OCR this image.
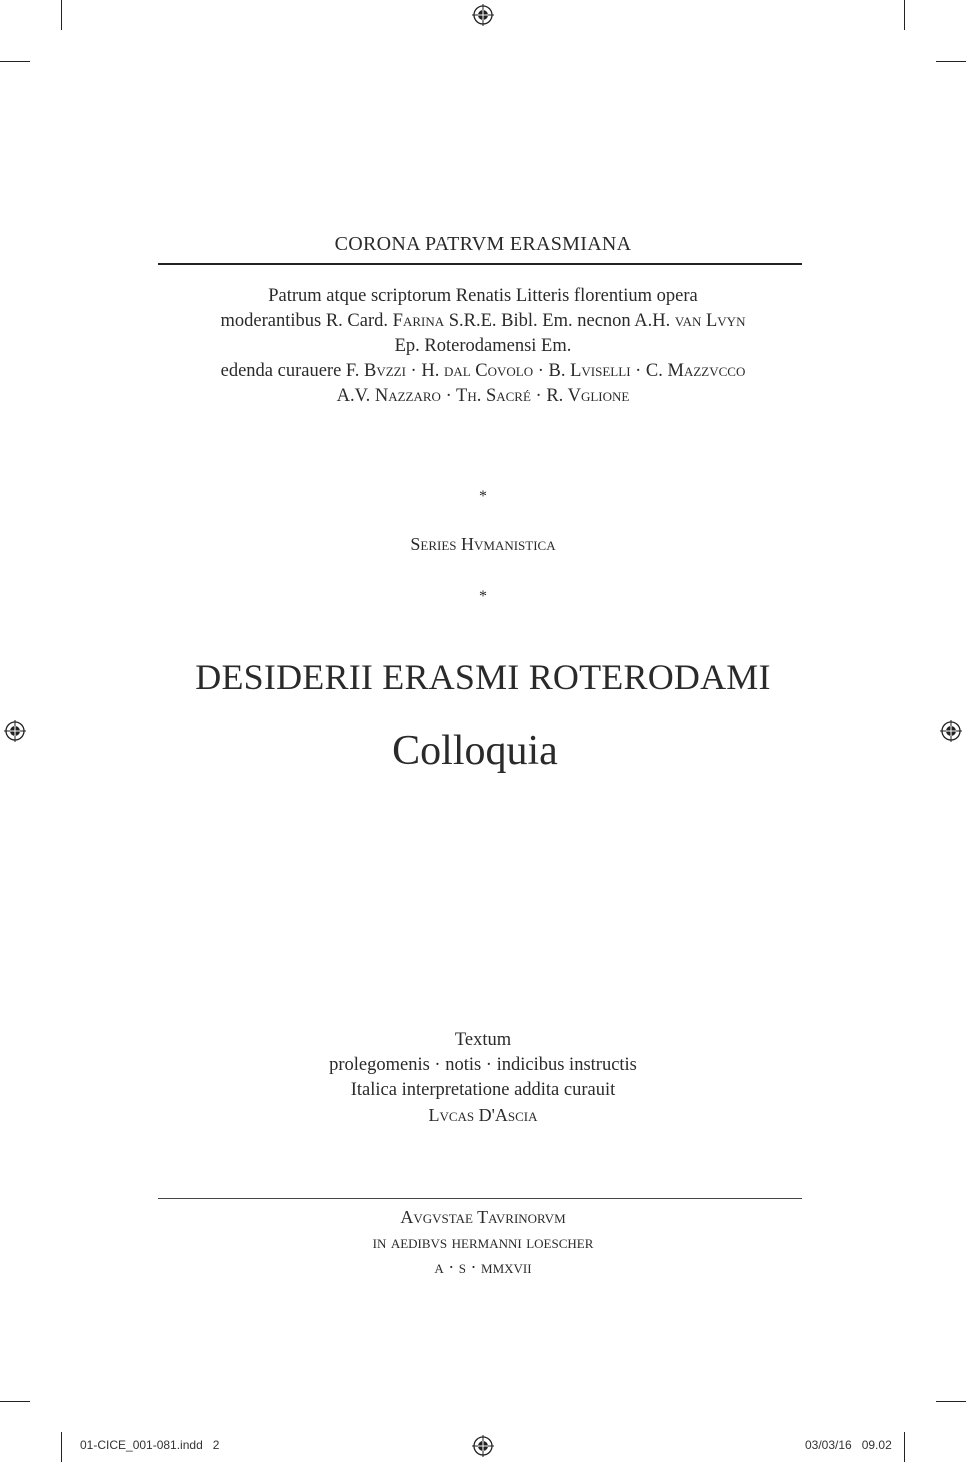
CORONA PATRVM ERASMIANA
Patrum atque scriptorum Renatis Litteris florentium opera
moderantibus R. Card. Farina S.R.E. Bibl. Em. necnon A.H. van Lvyn
Ep. Roterodamensi Em.
edenda curauere F. Bvzzi · H. dal Covolo · B. Lviselli · C. Mazzvcco
A.V. Nazzaro · Th. Sacré · R. Vglione
*
Series Hvmanistica
*
DESIDERII ERASMI ROTERODAMI
Colloquia
Textum
prolegomenis · notis · indicibus instructis
Italica interpretatione addita curauit
Lvcas D'Ascia
Avgvstae Tavrinorvm
in aedibvs hermanni loescher
a · s · mmxvii
01-CICE_001-081.indd   2	03/03/16   09.02
